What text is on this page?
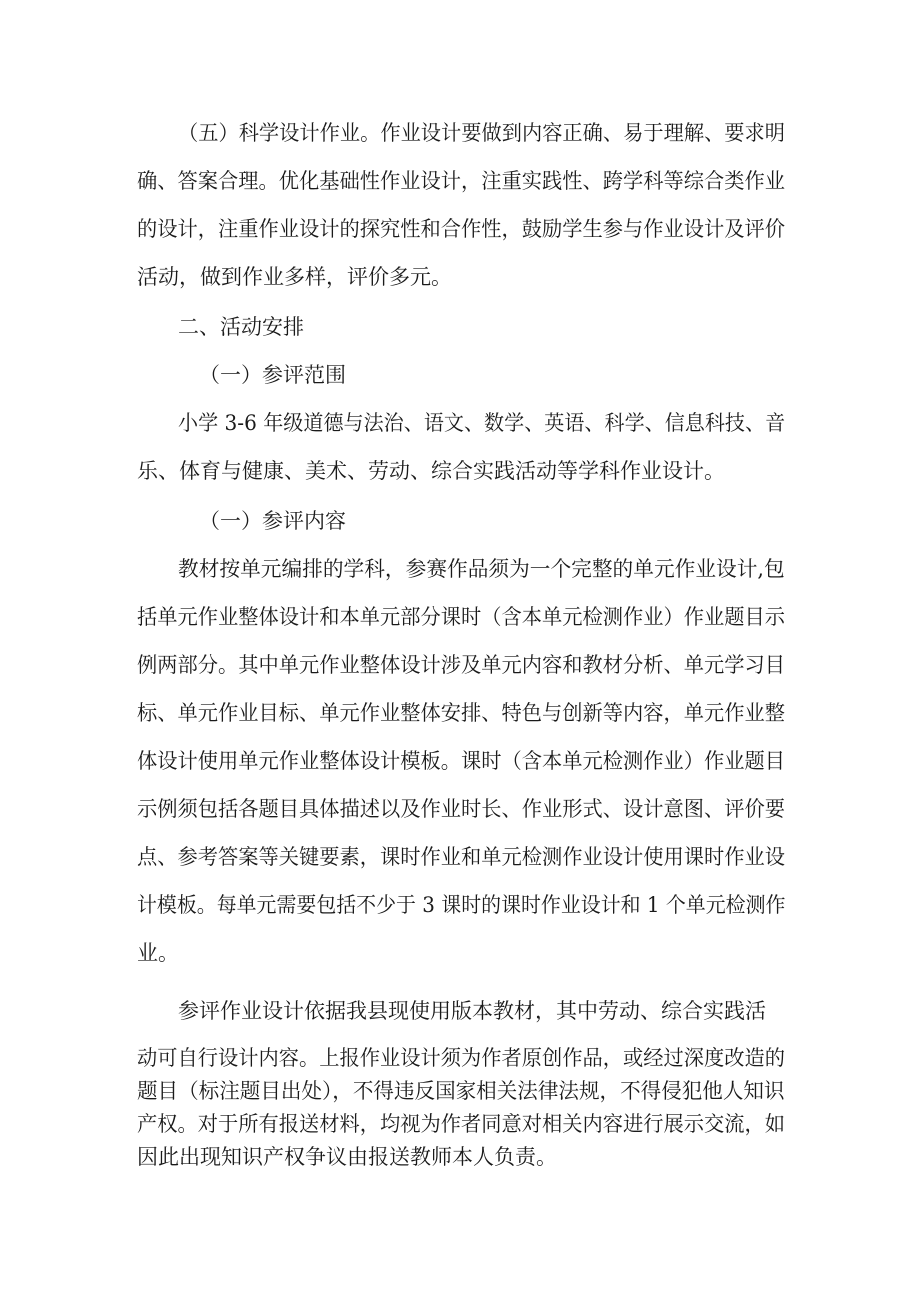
（五）科学设计作业。作业设计要做到内容正确、易于理解、要求明
确、答案合理。优化基础性作业设计，注重实践性、跨学科等综合类作业
的设计，注重作业设计的探究性和合作性，鼓励学生参与作业设计及评价
活动，做到作业多样，评价多元。
二、活动安排
（一）参评范围
小学 3-6 年级道德与法治、语文、数学、英语、科学、信息科技、音
乐、体育与健康、美术、劳动、综合实践活动等学科作业设计。
（一）参评内容
教材按单元编排的学科，参赛作品须为一个完整的单元作业设计,包
括单元作业整体设计和本单元部分课时（含本单元检测作业）作业题目示
例两部分。其中单元作业整体设计涉及单元内容和教材分析、单元学习目
标、单元作业目标、单元作业整体安排、特色与创新等内容，单元作业整
体设计使用单元作业整体设计模板。课时（含本单元检测作业）作业题目
示例须包括各题目具体描述以及作业时长、作业形式、设计意图、评价要
点、参考答案等关键要素，课时作业和单元检测作业设计使用课时作业设
计模板。每单元需要包括不少于 3 课时的课时作业设计和 1 个单元检测作
业。
参评作业设计依据我县现使用版本教材，其中劳动、综合实践活
动可自行设计内容。上报作业设计须为作者原创作品，或经过深度改造的
题目（标注题目出处），不得违反国家相关法律法规，不得侵犯他人知识
产权。对于所有报送材料，均视为作者同意对相关内容进行展示交流，如
因此出现知识产权争议由报送教师本人负责。
